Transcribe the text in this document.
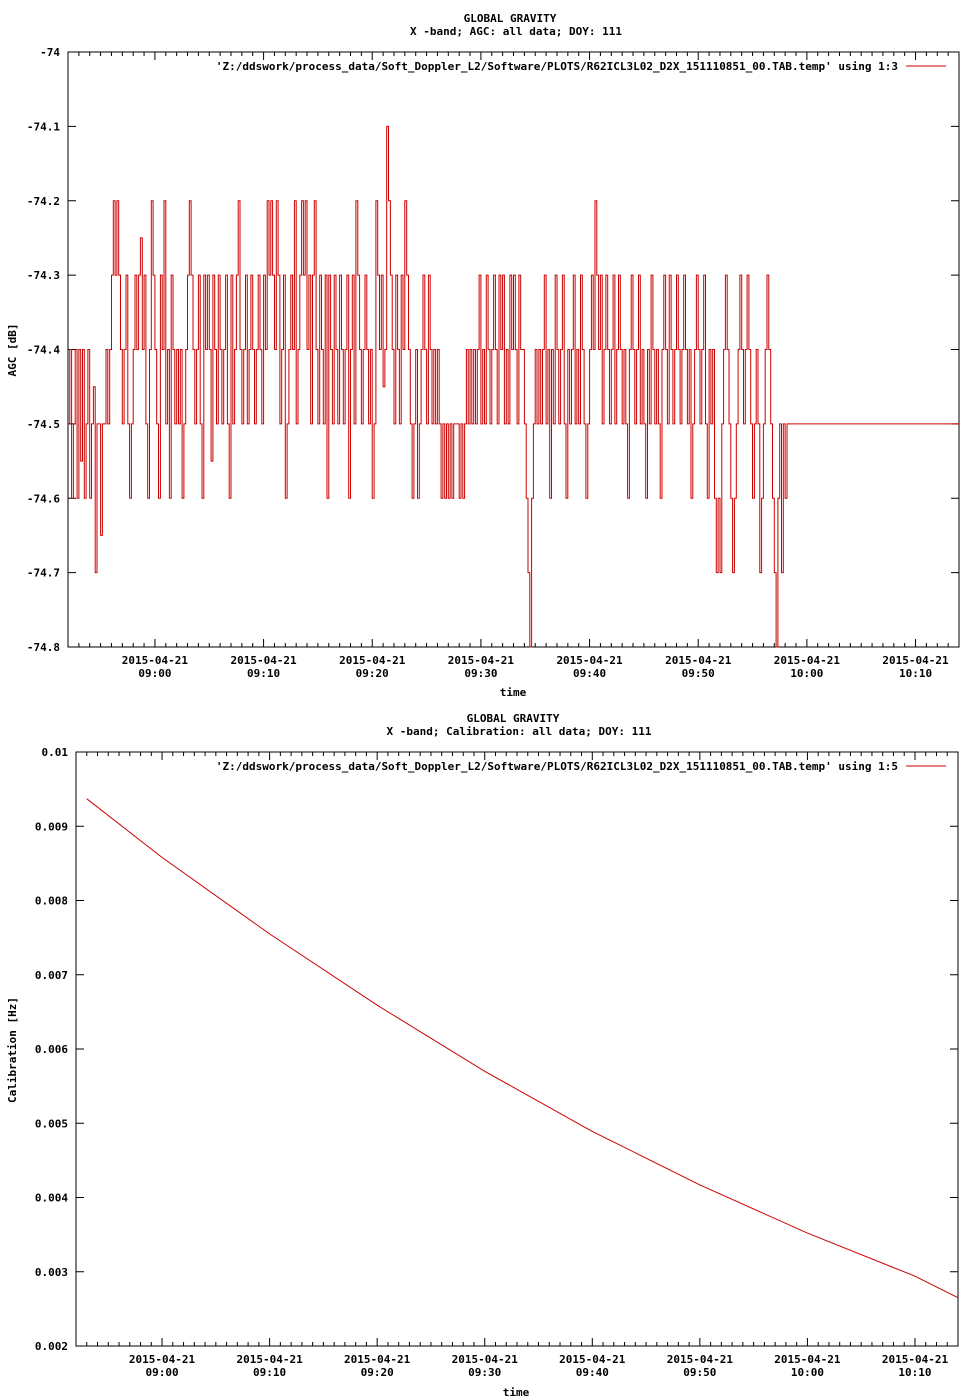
GLOBAL GRAVITY
X -band; AGC: all data; DOY: 111
AGC [dB]
time
'Z:/ddswork/process_data/Soft_Doppler_L2/Software/PLOTS/R62ICL3L02_D2X_151110851_00.TAB.temp' using 1:3
-74
-74.1
-74.2
-74.3
-74.4
-74.5
-74.6
-74.7
-74.8
2015-04-21
09:00
2015-04-21
09:10
2015-04-21
09:20
2015-04-21
09:30
2015-04-21
09:40
2015-04-21
09:50
2015-04-21
10:00
2015-04-21
10:10
GLOBAL GRAVITY
X -band; Calibration: all data; DOY: 111
Calibration [Hz]
time
'Z:/ddswork/process_data/Soft_Doppler_L2/Software/PLOTS/R62ICL3L02_D2X_151110851_00.TAB.temp' using 1:5
0.01
0.009
0.008
0.007
0.006
0.005
0.004
0.003
0.002
2015-04-21
09:00
2015-04-21
09:10
2015-04-21
09:20
2015-04-21
09:30
2015-04-21
09:40
2015-04-21
09:50
2015-04-21
10:00
2015-04-21
10:10
